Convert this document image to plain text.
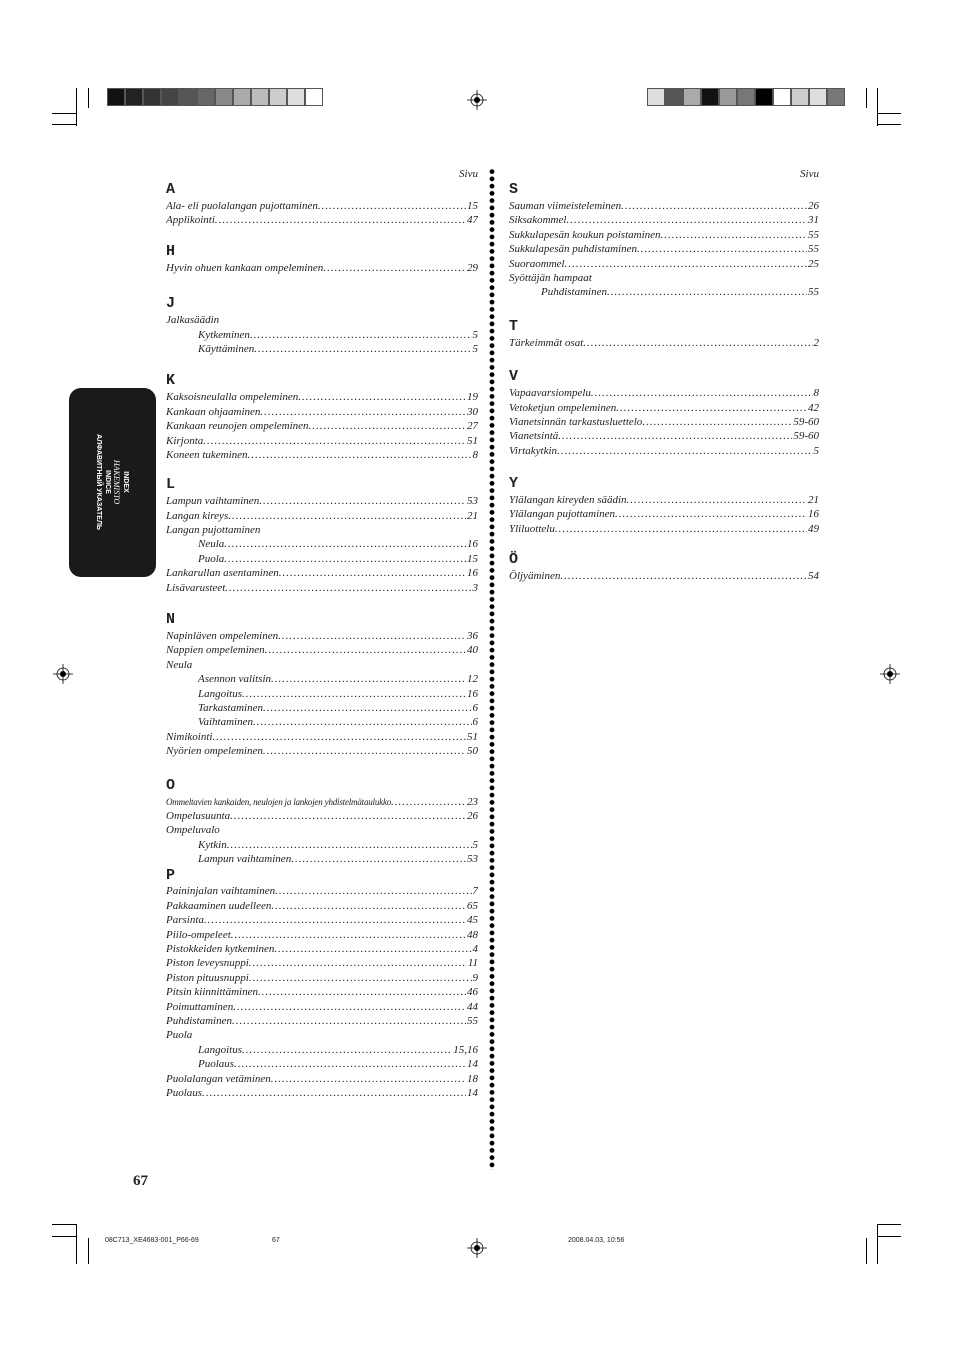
INDEX
HAKEMISTO
INDICE
АЛФАВИТНЫЙ УКАЗАТЕЛЬ
Sivu
A
Ala- eli puolalangan pujottaminen .....	15
Applikointi .....	47
H
Hyvin ohuen kankaan ompeleminen .....	29
J
Jalkasäädin
Kytkeminen .....	5
Käyttäminen .....	5
K
Kaksoisneulalla ompeleminen .....	19
Kankaan ohjaaminen .....	30
Kankaan reunojen ompeleminen .....	27
Kirjonta .....	51
Koneen tukeminen .....	8
L
Lampun vaihtaminen .....	53
Langan kireys .....	21
Langan pujottaminen
Neula .....	16
Puola .....	15
Lankarullan asentaminen .....	16
Lisävarusteet .....	3
N
Napinläven ompeleminen .....	36
Nappien ompeleminen .....	40
Neula
Asennon valitsin .....	12
Langoitus .....	16
Tarkastaminen .....	6
Vaihtaminen .....	6
Nimikointi .....	51
Nyörien ompeleminen .....	50
O
Ommeltavien kankaiden, neulojen ja lankojen yhdistelmätaulukko .....	23
Ompelusuunta .....	26
Ompeluvalo
Kytkin .....	5
Lampun vaihtaminen .....	53
P
Paininjalan vaihtaminen .....	7
Pakkaaminen uudelleen .....	65
Parsinta .....	45
Piilo-ompeleet .....	48
Pistokkeiden kytkeminen .....	4
Piston leveysnuppi .....	11
Piston pituusnuppi .....	9
Pitsin kiinnittäminen .....	46
Poimuttaminen .....	44
Puhdistaminen .....	55
Puola
Langoitus .....	15,16
Puolaus .....	14
Puolalangan vetäminen .....	18
Puolaus .....	14
Sivu
S
Sauman viimeisteleminen .....	26
Siksakommel .....	31
Sukkulapesän koukun poistaminen .....	55
Sukkulapesän puhdistaminen .....	55
Suoraommel .....	25
Syöttäjän hampaat
Puhdistaminen .....	55
T
Tärkeimmät osat .....	2
V
Vapaavarsiompelu .....	8
Vetoketjun ompeleminen .....	42
Vianetsinnän tarkastusluettelo .....	59-60
Vianetsintä .....	59-60
Virtakytkin .....	5
Y
Ylälangan kireyden säädin .....	21
Ylälangan pujottaminen .....	16
Yliluottelu .....	49
Ö
Öljyäminen .....	54
67
08C713_XE4683-001_P66-69	67	2008.04.03, 10:56
